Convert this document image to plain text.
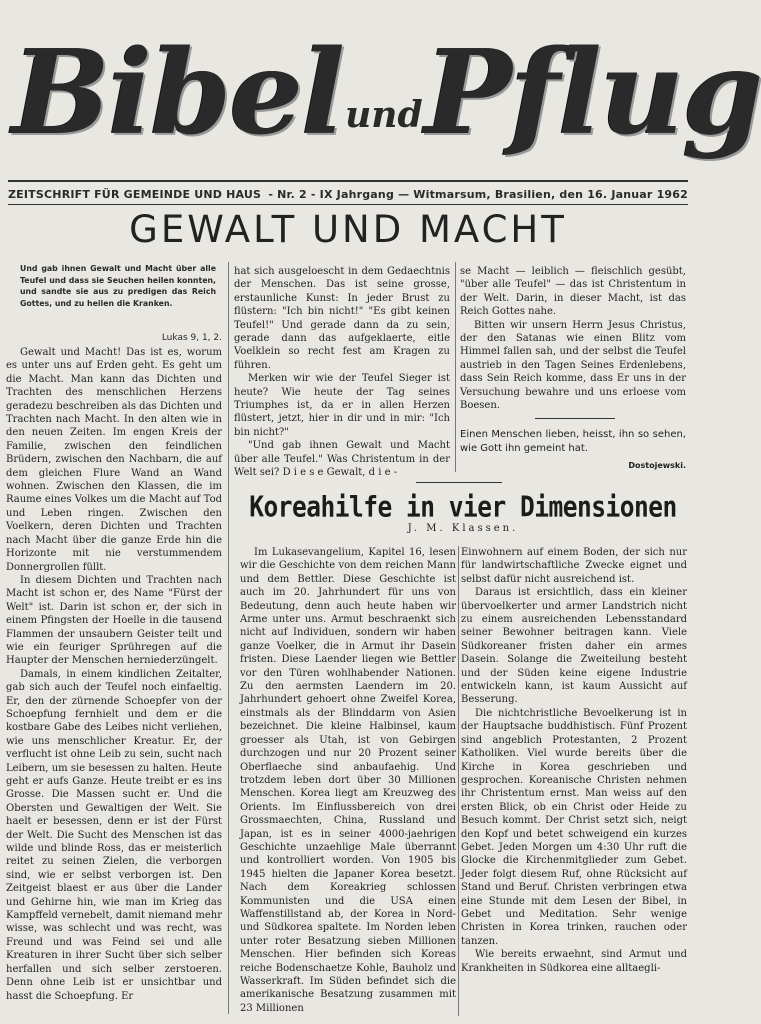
BibelundPflug
ZEITSCHRIFT FÜR GEMEINDE UND HAUS - Nr. 2 - IX Jahrgang — Witmarsum, Brasilien, den 16. Januar 1962
GEWALT UND MACHT
Und gab ihnen Gewalt und Macht über alle Teufel und dass sie Seuchen heilen konnten, und sandte sie aus zu predigen das Reich Gottes, und zu heilen die Kranken.
Lukas 9, 1, 2.

Gewalt und Macht! Das ist es, worum es unter uns auf Erden geht. Es geht um die Macht. Man kann das Dichten und Trachten des menschlichen Herzens geradezu beschreiben als das Dichten und Trachten nach Macht. In den alten wie in den neuen Zeiten. Im engen Kreis der Familie, zwischen den feindlichen Brüdern, zwischen den Nachbarn, die auf dem gleichen Flure Wand an Wand wohnen. Zwischen den Klassen, die im Raume eines Volkes um die Macht auf Tod und Leben ringen. Zwischen den Voelkern, deren Dichten und Trachten nach Macht über die ganze Erde hin die Horizonte mit nie verstummendem Donnergrollen füllt.

In diesem Dichten und Trachten nach Macht ist schon er, des Name "Fürst der Welt" ist. Darin ist schon er, der sich in einem Pfingsten der Hoelle in die tausend Flammen der unsaubern Geister teilt und wie ein feuriger Sprühregen auf die Haupter der Menschen herniederzüngelt.

Damals, in einem kindlichen Zeitalter, gab sich auch der Teufel noch einfaeltig. Er, den der zürnende Schoepfer von der Schoepfung fernhielt und dem er die kostbare Gabe des Leibes nicht verliehen, wie uns menschlicher Kreatur. Er, der verflucht ist ohne Leib zu sein, sucht nach Leibern, um sie besessen zu halten. Heute geht er aufs Ganze. Heute treibt er es ins Grosse. Die Massen sucht er. Und die Obersten und Gewaltigen der Welt. Sie haelt er besessen, denn er ist der Fürst der Welt. Die Sucht des Menschen ist das wilde und blinde Ross, das er meisterlich reitet zu seinen Zielen, die verborgen sind, wie er selbst verborgen ist. Den Zeitgeist blaest er aus über die Lander und Gehirne hin, wie man im Krieg das Kampffeld vernebelt, damit niemand mehr wisse, was schlecht und was recht, was Freund und was Feind sei und alle Kreaturen in ihrer Sucht über sich selber herfallen und sich selber zerstoeren. Denn ohne Leib ist er unsichtbar und hasst die Schoepfung. Er

hat sich ausgeloescht in dem Gedaechtnis der Menschen. Das ist seine grosse, erstaunliche Kunst: In jeder Brust zu flüstern: "Ich bin nicht!" "Es gibt keinen Teufel!" Und gerade dann da zu sein, gerade dann das aufgeklaerte, eitle Voelklein so recht fest am Kragen zu führen.

Merken wir wie der Teufel Sieger ist heute? Wie heute der Tag seines Triumphes ist, da er in allen Herzen flüstert, jetzt, hier in dir und in mir: "Ich bin nicht?"

"Und gab ihnen Gewalt und Macht über alle Teufel." Was Christentum in der Welt sei? D i e s e Gewalt, d i e -

se Macht — leiblich — fleischlich gesübt, "über alle Teufel" — das ist Christentum in der Welt. Darin, in dieser Macht, ist das Reich Gottes nahe.

Bitten wir unsern Herrn Jesus Christus, der den Satanas wie einen Blitz vom Himmel fallen sah, und der selbst die Teufel austrieb in den Tagen Seines Erdenlebens, dass Sein Reich komme, dass Er uns in der Versuchung bewahre und uns erloese vom Boesen.

Einen Menschen lieben, heisst, ihn so sehen, wie Gott ihn gemeint hat.
Dostojewski.
Koreahilfe in vier Dimensionen
J. M. Klassen.

Im Lukasevangelium, Kapitel 16, lesen wir die Geschichte von dem reichen Mann und dem Bettler. Diese Geschichte ist auch im 20. Jahrhundert für uns von Bedeutung, denn auch heute haben wir Arme unter uns. Armut beschraenkt sich nicht auf Individuen, sondern wir haben ganze Voelker, die in Armut ihr Dasein fristen. Diese Laender liegen wie Bettler vor den Türen wohlhabender Nationen. Zu den aermsten Laendern im 20. Jahrhundert gehoert ohne Zweifel Korea, einstmals als der Blinddarm von Asien bezeichnet. Die kleine Halbinsel, kaum groesser als Utah, ist von Gebirgen durchzogen und nur 20 Prozent seiner Oberflaeche sind anbaufaehig. Und trotzdem leben dort über 30 Millionen Menschen. Korea liegt am Kreuzweg des Orients. Im Einflussbereich von drei Grossmaechten, China, Russland und Japan, ist es in seiner 4000-jaehrigen Geschichte unzaehlige Male überrannt und kontrolliert worden. Von 1905 bis 1945 hielten die Japaner Korea besetzt. Nach dem Koreakrieg schlossen Kommunisten und die USA einen Waffenstillstand ab, der Korea in Nord- und Südkorea spaltete. Im Norden leben unter roter Besatzung sieben Millionen Menschen. Hier befinden sich Koreas reiche Bodenschaetze Kohle, Bauholz und Wasserkraft. Im Süden befindet sich die amerikanische Besatzung zusammen mit 23 Millionen

Einwohnern auf einem Boden, der sich nur für landwirtschaftliche Zwecke eignet und selbst dafür nicht ausreichend ist.

Daraus ist ersichtlich, dass ein kleiner übervoelkerter und armer Landstrich nicht zu einem ausreichenden Lebensstandard seiner Bewohner beitragen kann. Viele Südkoreaner fristen daher ein armes Dasein. Solange die Zweiteilung besteht und der Süden keine eigene Industrie entwickeln kann, ist kaum Aussicht auf Besserung.

Die nichtchristliche Bevoelkerung ist in der Hauptsache buddhistisch. Fünf Prozent sind angeblich Protestanten, 2 Prozent Katholiken. Viel wurde bereits über die Kirche in Korea geschrieben und gesprochen. Koreanische Christen nehmen ihr Christentum ernst. Man weiss auf den ersten Blick, ob ein Christ oder Heide zu Besuch kommt. Der Christ setzt sich, neigt den Kopf und betet schweigend ein kurzes Gebet. Jeden Morgen um 4:30 Uhr ruft die Glocke die Kirchenmitglieder zum Gebet. Jeder folgt diesem Ruf, ohne Rücksicht auf Stand und Beruf. Christen verbringen etwa eine Stunde mit dem Lesen der Bibel, in Gebet und Meditation. Sehr wenige Christen in Korea trinken, rauchen oder tanzen.

Wie bereits erwaehnt, sind Armut und Krankheiten in Südkorea eine alltaegli-
